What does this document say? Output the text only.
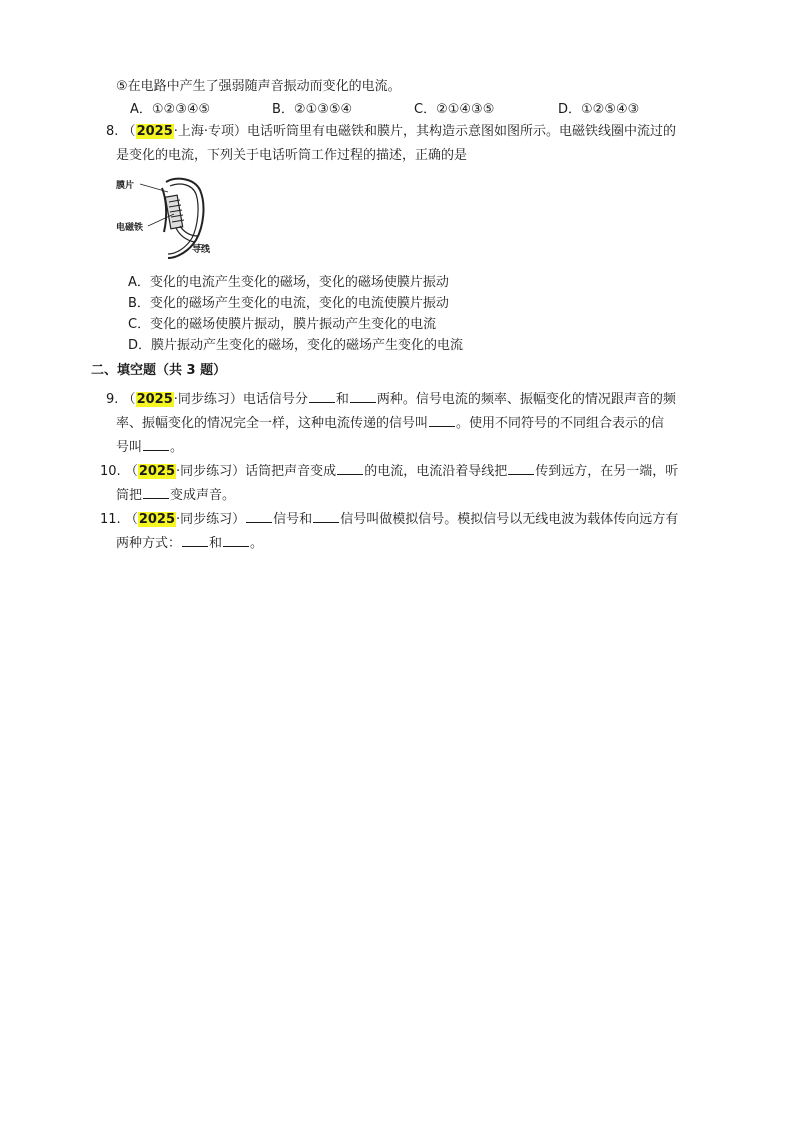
⑤在电路中产生了强弱随声音振动而变化的电流。
A．①②③④⑤	B．②①③⑤④	C．②①④③⑤	D．①②⑤④③
8. （2025·上海·专项）电话听筒里有电磁铁和膜片，其构造示意图如图所示。电磁铁线圈中流过的
是变化的电流，下列关于电话听筒工作过程的描述，正确的是
膜片
电磁铁
导线
A．变化的电流产生变化的磁场，变化的磁场使膜片振动
B．变化的磁场产生变化的电流，变化的电流使膜片振动
C．变化的磁场使膜片振动，膜片振动产生变化的电流
D．膜片振动产生变化的磁场，变化的磁场产生变化的电流
二、填空题（共 3 题）
9. （2025·同步练习）电话信号分 和 两种。信号电流的频率、振幅变化的情况跟声音的频
率、振幅变化的情况完全一样，这种电流传递的信号叫 。使用不同符号的不同组合表示的信
号叫 。
10. （2025·同步练习）话筒把声音变成 的电流，电流沿着导线把 传到远方，在另一端，听
筒把 变成声音。
11. （2025·同步练习） 信号和 信号叫做模拟信号。模拟信号以无线电波为载体传向远方有
两种方式： 和 。
